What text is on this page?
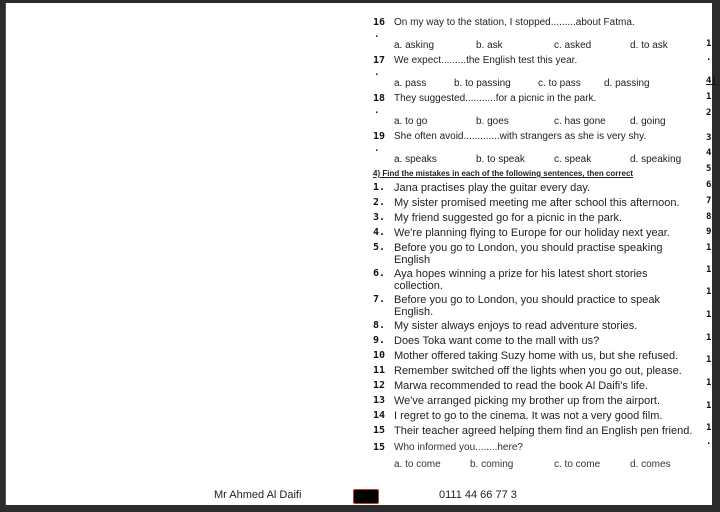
16
.
On my way to the station, I stopped.........about Fatma.
a. asking	b. ask	c. asked	d. to ask
17
.
We expect.........the English test this year.
a. pass	b. to passing	c. to pass d. passing
18
.
They suggested...........for a picnic in the park.
a. to go	b. goes	c. has gone d. going
19
.
She often avoid.............with strangers as she is very shy.
a. speaks	b. to speak	c. speak	d. speaking
4) Find the mistakes in each of the following sentences, then correct
1. Jana practises play the guitar every day.
2. My sister promised meeting me after school this afternoon.
3. My friend suggested go for a picnic in the park.
4. We're planning flying to Europe for our holiday next year.
5. Before you go to London, you should practise speaking
English
6. Aya hopes winning a prize for his latest short stories
collection.
7. Before you go to London, you should practice to speak
English.
8. My sister always enjoys to read adventure stories.
9. Does Toka want come to the mall with us?
10 Mother offered taking Suzy home with us, but she refused.
11 Remember switched off the lights when you go out, please.
12 Marwa recommended to read the book Al Daifi's life.
13 We've arranged picking my brother up from the airport.
14 I regret to go to the cinema. It was not a very good film.
15 Their teacher agreed helping them find an English pen friend.
15 Who informed you........here?
a. to come	b. coming	c. to come	d. comes
1
.
4)
1
2
3
4
5
6
7
8
9
1
1
1
1
1
1
1
1
1
.
Mr Ahmed Al Daifi	0111 44 66 77 3
